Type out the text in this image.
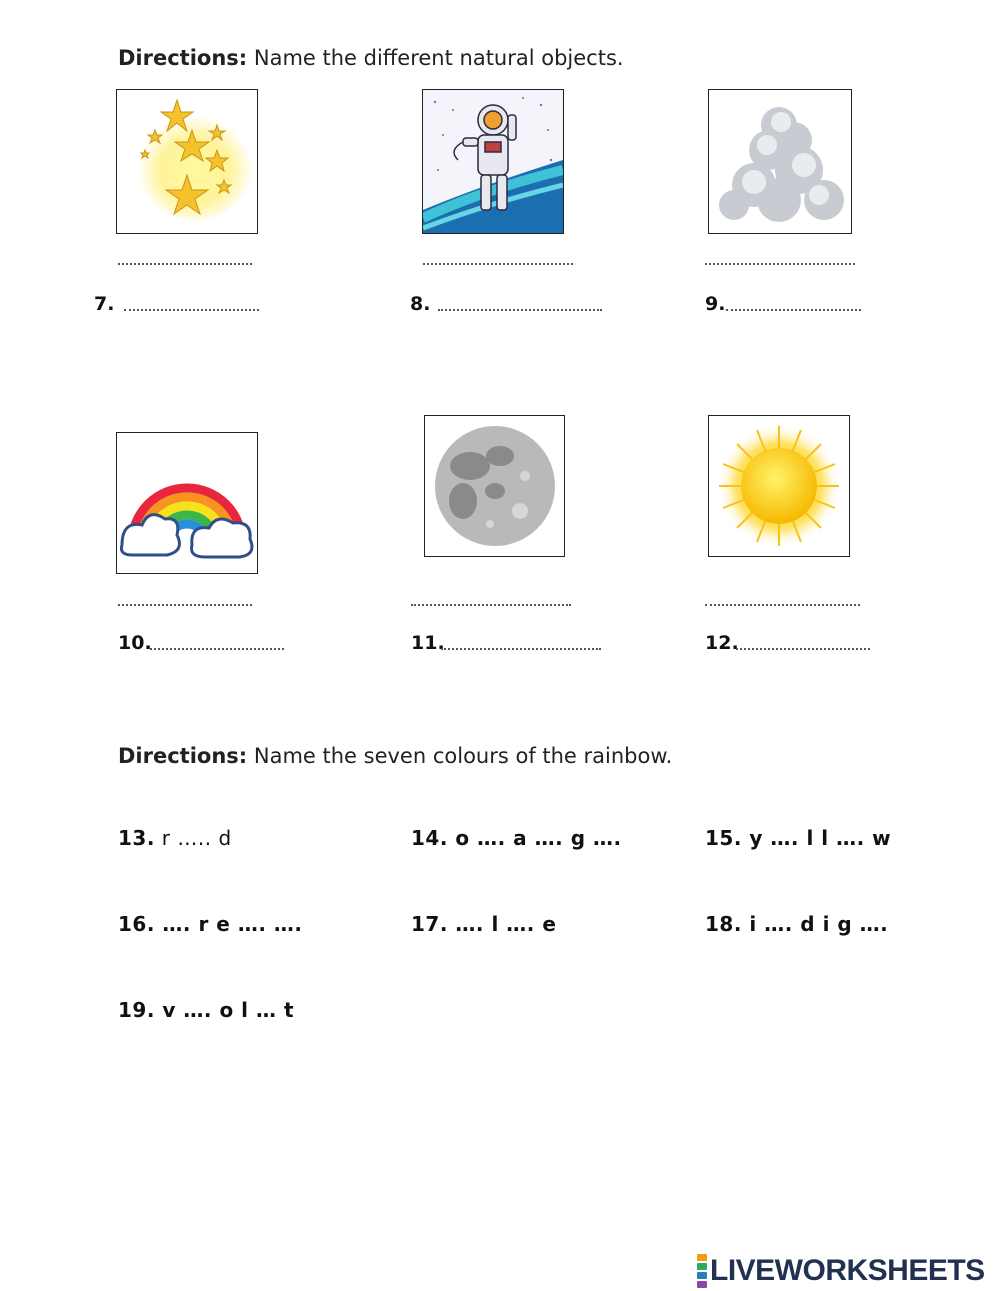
Directions: Name the different natural objects.
7.	8.	9.
10.	11.	12.
Directions: Name the seven colours of the rainbow.
13. r ….. d	14. o …. a …. g ….	15. y …. l l …. w
16. …. r e …. ….	17. …. l …. e	18. i …. d i g ….
19. v …. o l … t
LIVEWORKSHEETS
